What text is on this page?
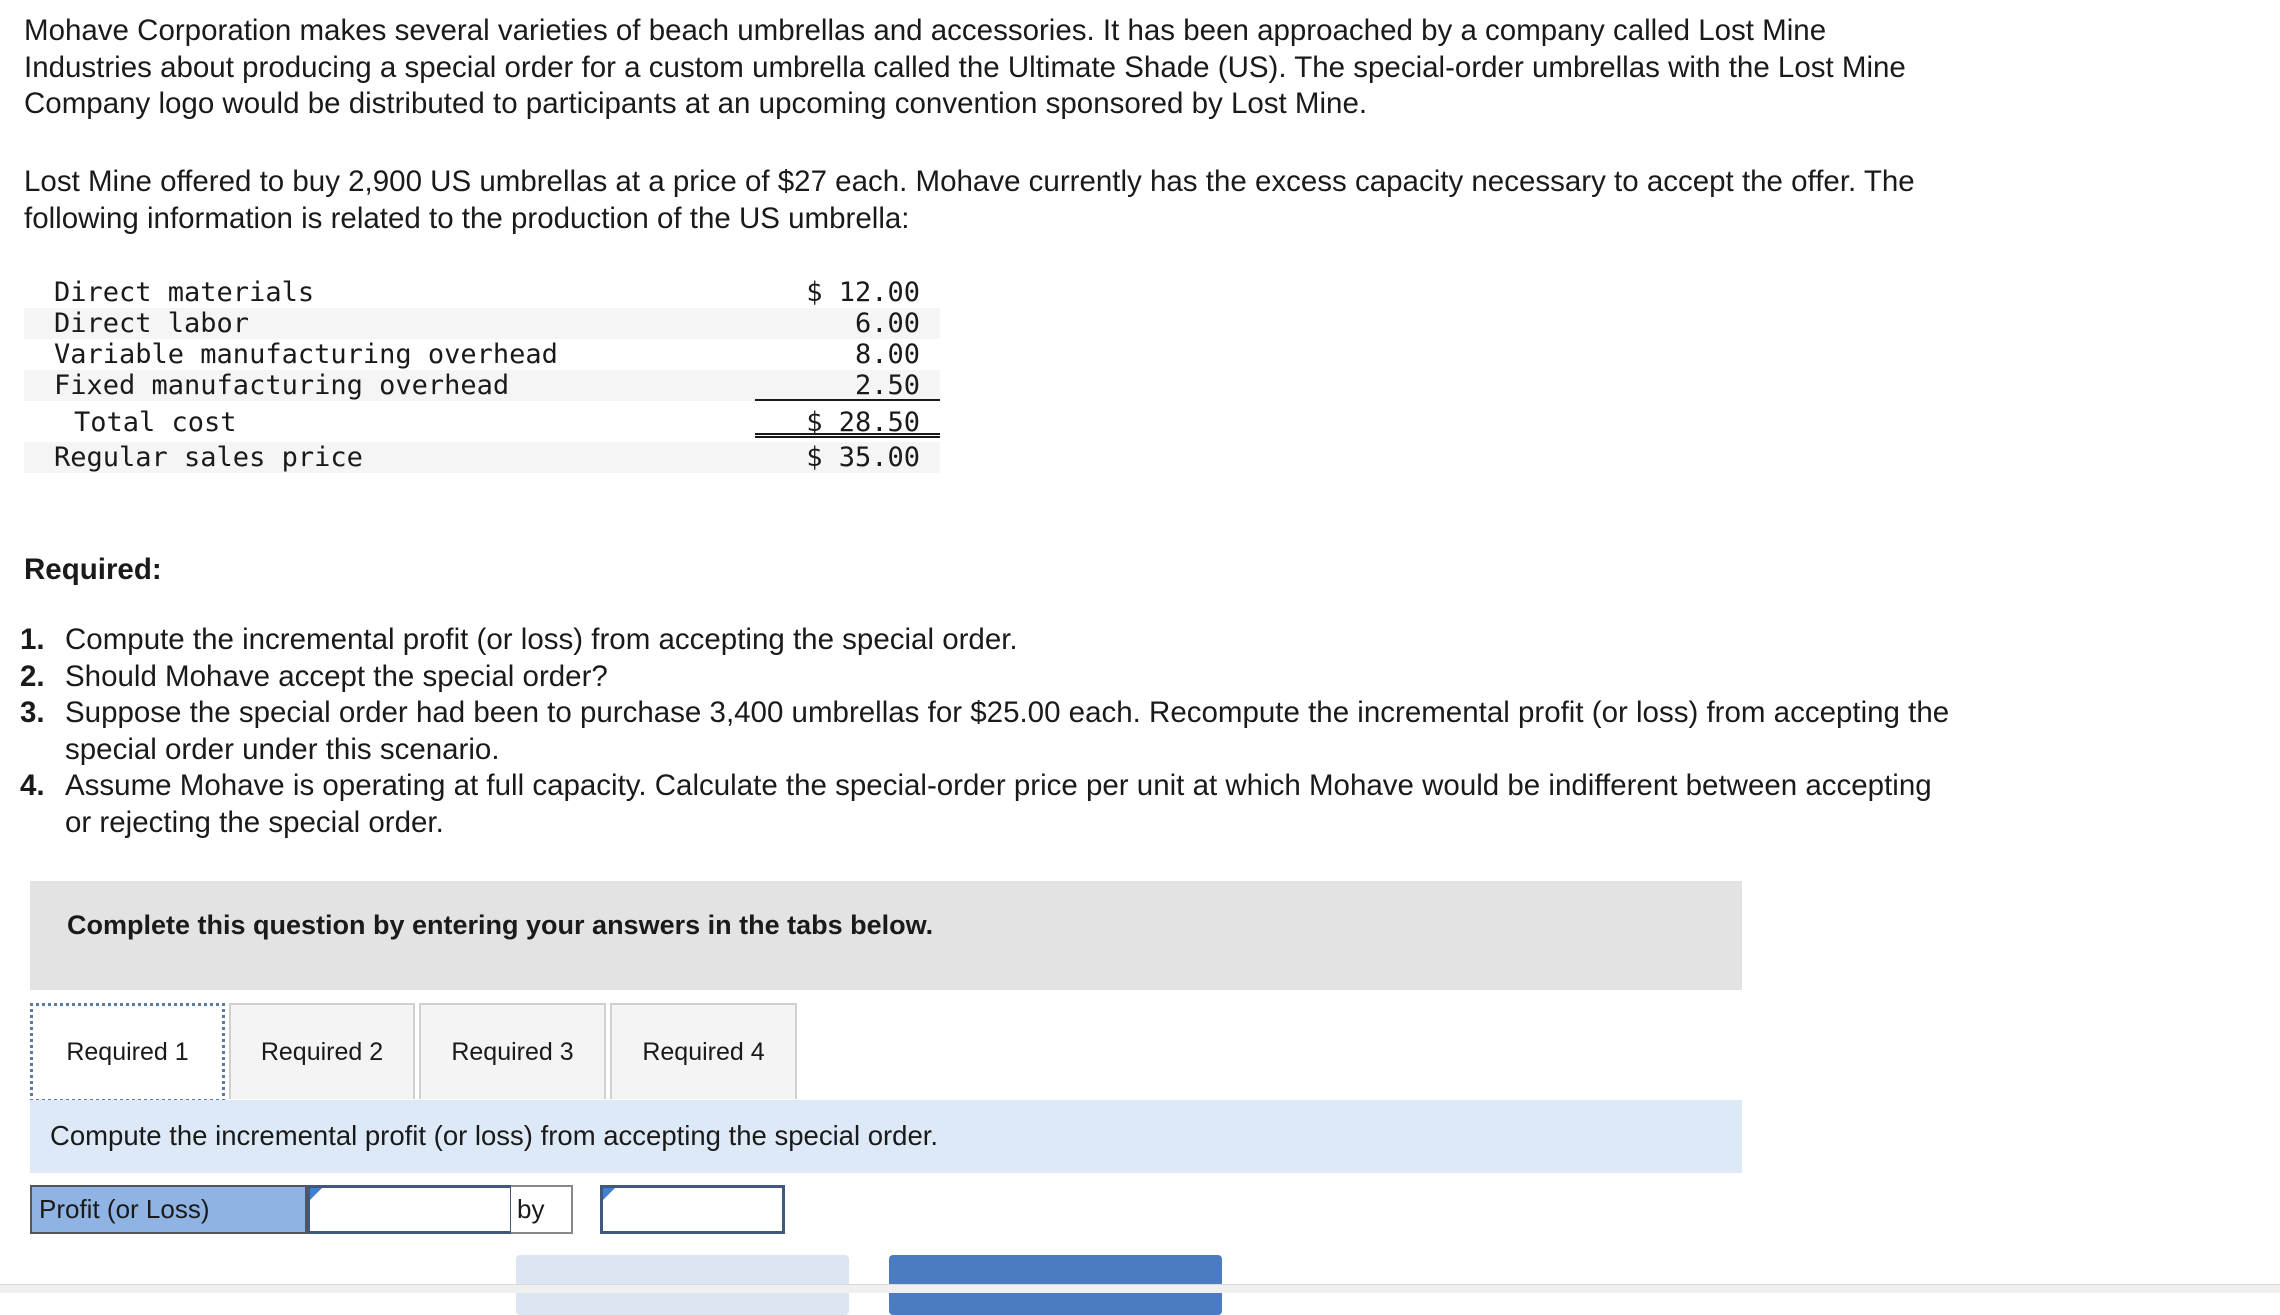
Mohave Corporation makes several varieties of beach umbrellas and accessories. It has been approached by a company called Lost Mine Industries about producing a special order for a custom umbrella called the Ultimate Shade (US). The special-order umbrellas with the Lost Mine Company logo would be distributed to participants at an upcoming convention sponsored by Lost Mine.

Lost Mine offered to buy 2,900 US umbrellas at a price of $27 each. Mohave currently has the excess capacity necessary to accept the offer. The following information is related to the production of the US umbrella:

Direct materials	$ 12.00
Direct labor	6.00
Variable manufacturing overhead	8.00
Fixed manufacturing overhead	2.50
Total cost	$ 28.50
Regular sales price	$ 35.00
Required:
1. Compute the incremental profit (or loss) from accepting the special order.
2. Should Mohave accept the special order?
3. Suppose the special order had been to purchase 3,400 umbrellas for $25.00 each. Recompute the incremental profit (or loss) from accepting the special order under this scenario.
4. Assume Mohave is operating at full capacity. Calculate the special-order price per unit at which Mohave would be indifferent between accepting or rejecting the special order.
Complete this question by entering your answers in the tabs below.
Required 1	Required 2	Required 3	Required 4
Compute the incremental profit (or loss) from accepting the special order.
Profit (or Loss)	by
